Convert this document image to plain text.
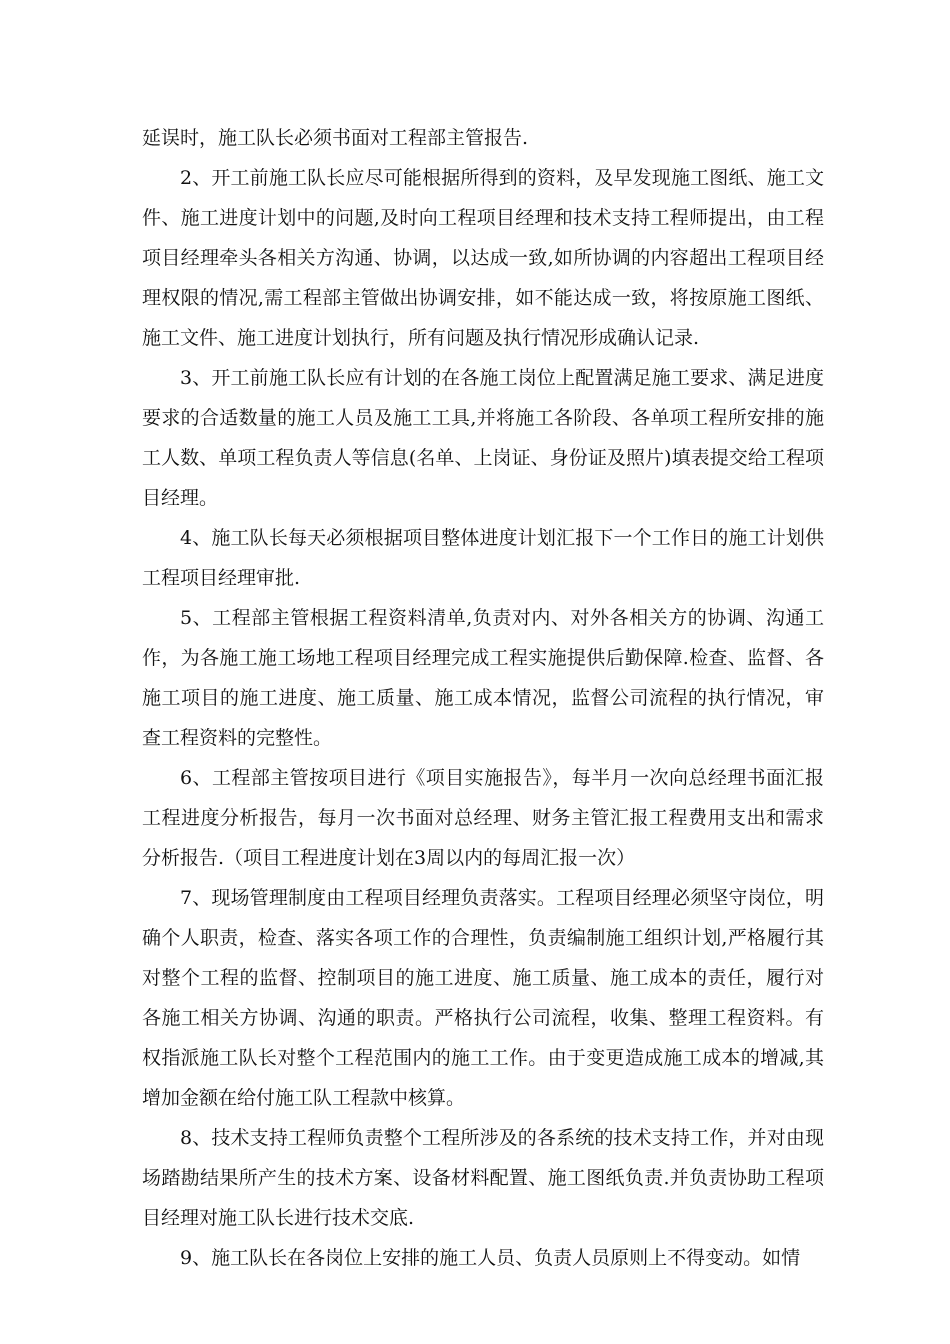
延误时，施工队长必须书面对工程部主管报告.

2、开工前施工队长应尽可能根据所得到的资料，及早发现施工图纸、施工文件、施工进度计划中的问题,及时向工程项目经理和技术支持工程师提出，由工程项目经理牵头各相关方沟通、协调，以达成一致,如所协调的内容超出工程项目经理权限的情况,需工程部主管做出协调安排，如不能达成一致，将按原施工图纸、施工文件、施工进度计划执行，所有问题及执行情况形成确认记录.

3、开工前施工队长应有计划的在各施工岗位上配置满足施工要求、满足进度要求的合适数量的施工人员及施工工具,并将施工各阶段、各单项工程所安排的施工人数、单项工程负责人等信息(名单、上岗证、身份证及照片)填表提交给工程项目经理。

4、施工队长每天必须根据项目整体进度计划汇报下一个工作日的施工计划供工程项目经理审批.

5、工程部主管根据工程资料清单,负责对内、对外各相关方的协调、沟通工作，为各施工施工场地工程项目经理完成工程实施提供后勤保障.检查、监督、各施工项目的施工进度、施工质量、施工成本情况，监督公司流程的执行情况，审查工程资料的完整性。

6、工程部主管按项目进行《项目实施报告》，每半月一次向总经理书面汇报工程进度分析报告，每月一次书面对总经理、财务主管汇报工程费用支出和需求分析报告.（项目工程进度计划在3周以内的每周汇报一次）

7、现场管理制度由工程项目经理负责落实。工程项目经理必须坚守岗位，明确个人职责，检查、落实各项工作的合理性，负责编制施工组织计划,严格履行其对整个工程的监督、控制项目的施工进度、施工质量、施工成本的责任，履行对各施工相关方协调、沟通的职责。严格执行公司流程，收集、整理工程资料。有权指派施工队长对整个工程范围内的施工工作。由于变更造成施工成本的增减,其增加金额在给付施工队工程款中核算。

8、技术支持工程师负责整个工程所涉及的各系统的技术支持工作，并对由现场踏勘结果所产生的技术方案、设备材料配置、施工图纸负责.并负责协助工程项目经理对施工队长进行技术交底.

9、施工队长在各岗位上安排的施工人员、负责人员原则上不得变动。如情
